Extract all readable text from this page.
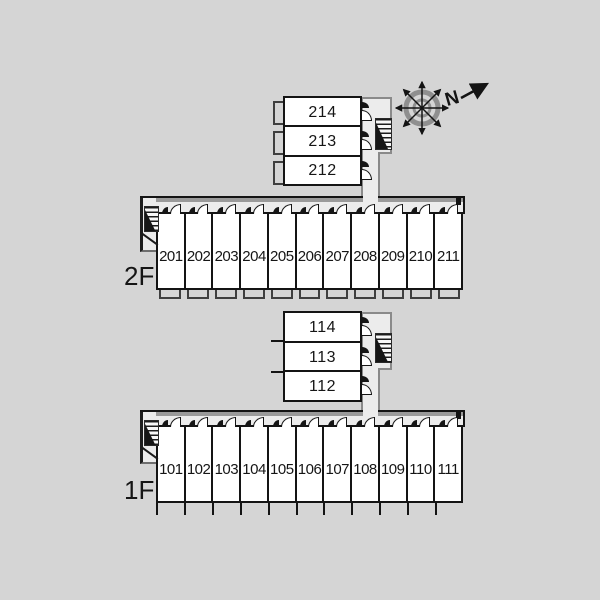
N
214
213
212
201 202 203 204 205 206 207 208 209 210 211
2F
114
113
112
101 102 103 104 105 106 107 108 109 110 111
1F
